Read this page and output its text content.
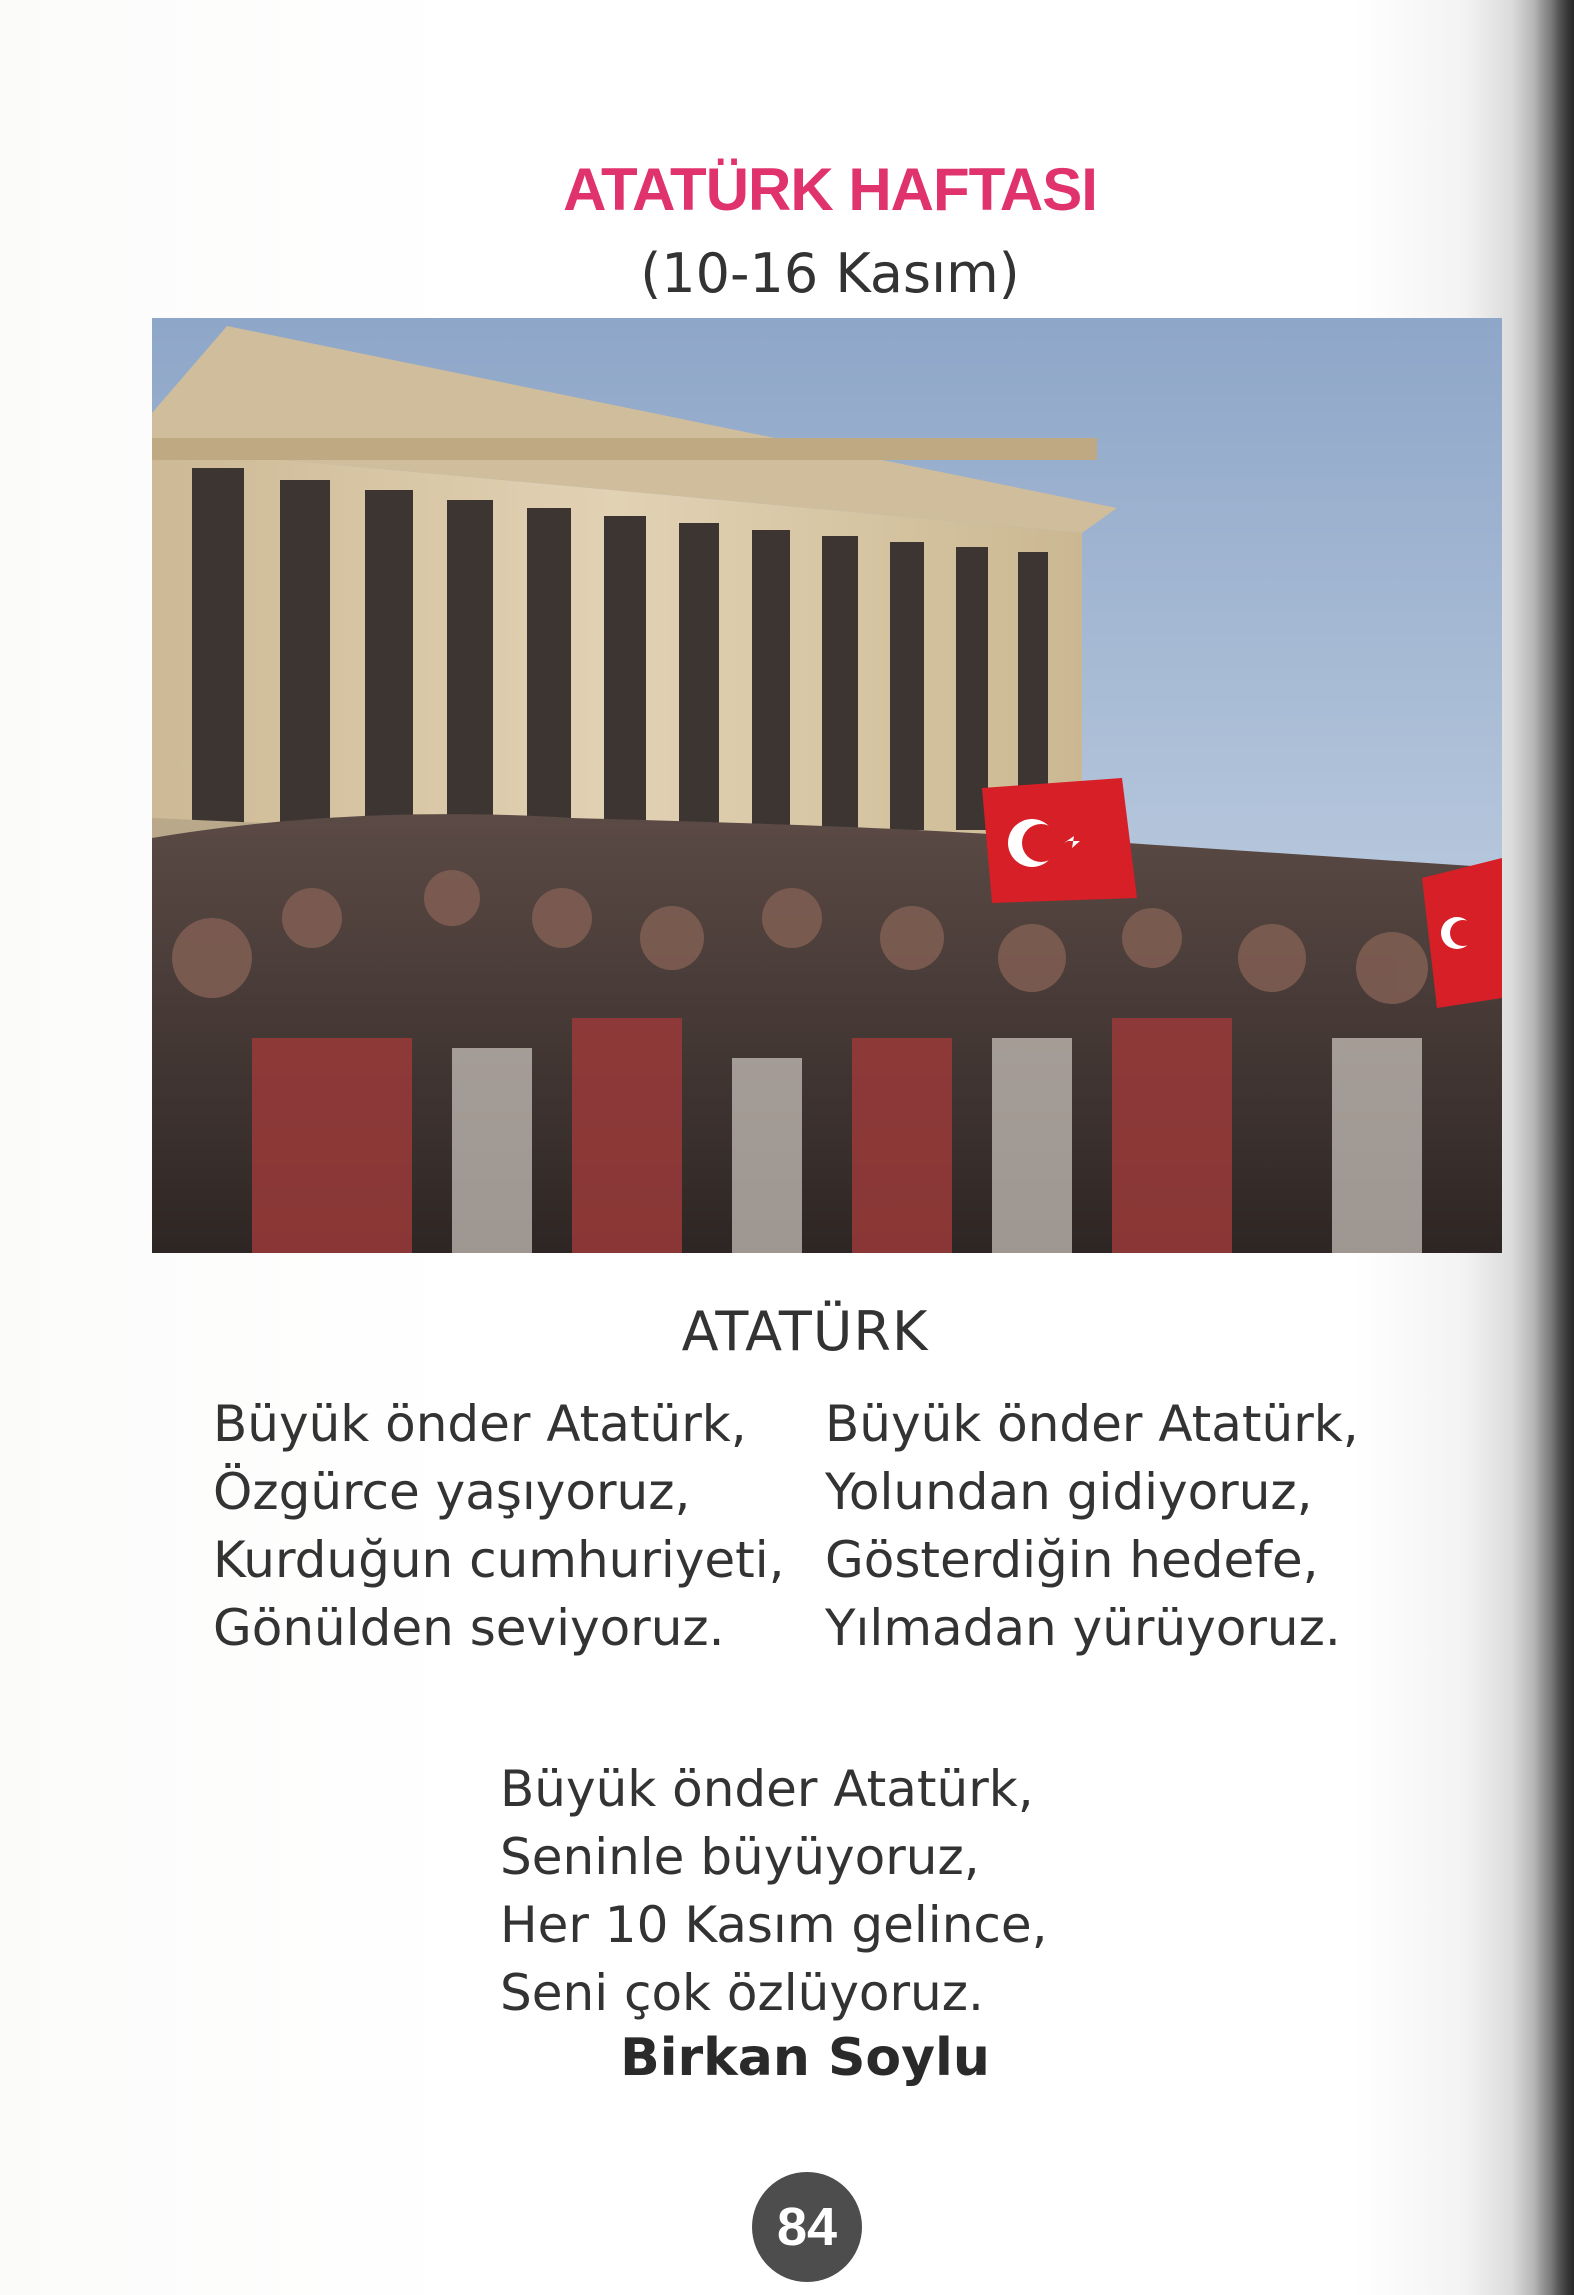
ATATÜRK HAFTASI
(10-16 Kasım)
ATATÜRK
Büyük önder Atatürk,
Özgürce yaşıyoruz,
Kurduğun cumhuriyeti,
Gönülden seviyoruz.
Büyük önder Atatürk,
Yolundan gidiyoruz,
Gösterdiğin hedefe,
Yılmadan yürüyoruz.
Büyük önder Atatürk,
Seninle büyüyoruz,
Her 10 Kasım gelince,
Seni çok özlüyoruz.
Birkan Soylu
84
